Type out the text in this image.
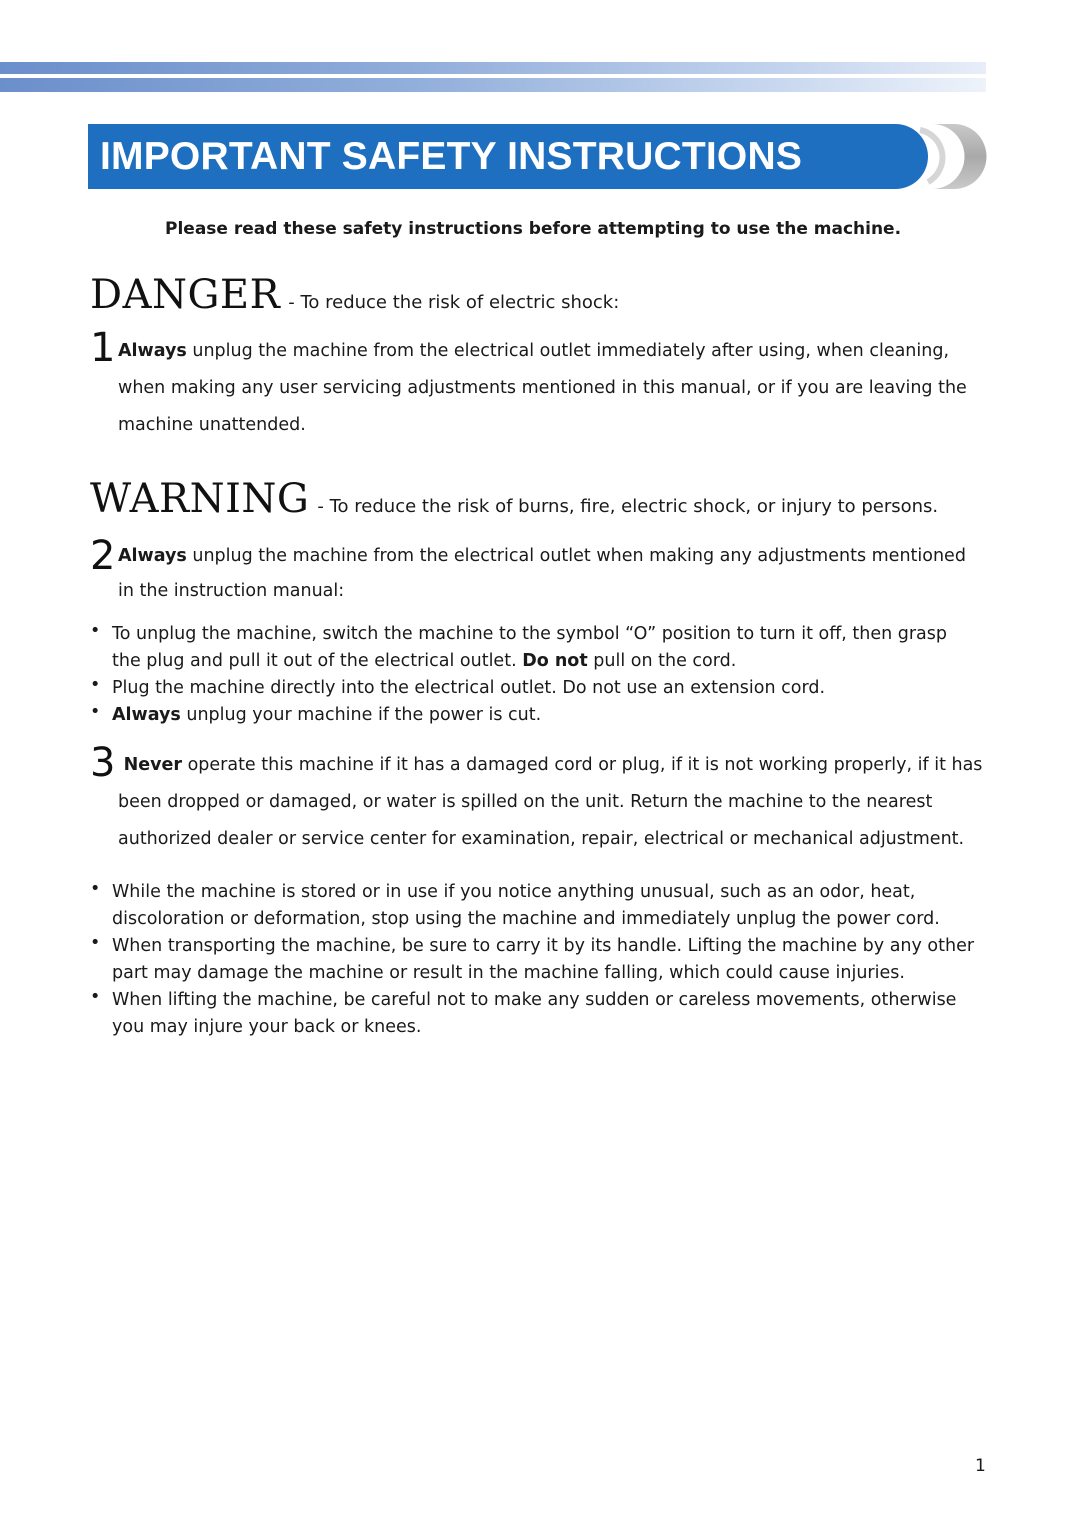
IMPORTANT SAFETY INSTRUCTIONS
Please read these safety instructions before attempting to use the machine.
DANGER - To reduce the risk of electric shock:
1 Always unplug the machine from the electrical outlet immediately after using, when cleaning,
when making any user servicing adjustments mentioned in this manual, or if you are leaving the
machine unattended.
WARNING - To reduce the risk of burns, fire, electric shock, or injury to persons.
2 Always unplug the machine from the electrical outlet when making any adjustments mentioned
in the instruction manual:
• To unplug the machine, switch the machine to the symbol “O” position to turn it off, then grasp
the plug and pull it out of the electrical outlet. Do not pull on the cord.
• Plug the machine directly into the electrical outlet. Do not use an extension cord.
• Always unplug your machine if the power is cut.
3 Never operate this machine if it has a damaged cord or plug, if it is not working properly, if it has
been dropped or damaged, or water is spilled on the unit. Return the machine to the nearest
authorized dealer or service center for examination, repair, electrical or mechanical adjustment.
• While the machine is stored or in use if you notice anything unusual, such as an odor, heat,
discoloration or deformation, stop using the machine and immediately unplug the power cord.
• When transporting the machine, be sure to carry it by its handle. Lifting the machine by any other
part may damage the machine or result in the machine falling, which could cause injuries.
• When lifting the machine, be careful not to make any sudden or careless movements, otherwise
you may injure your back or knees.
1
